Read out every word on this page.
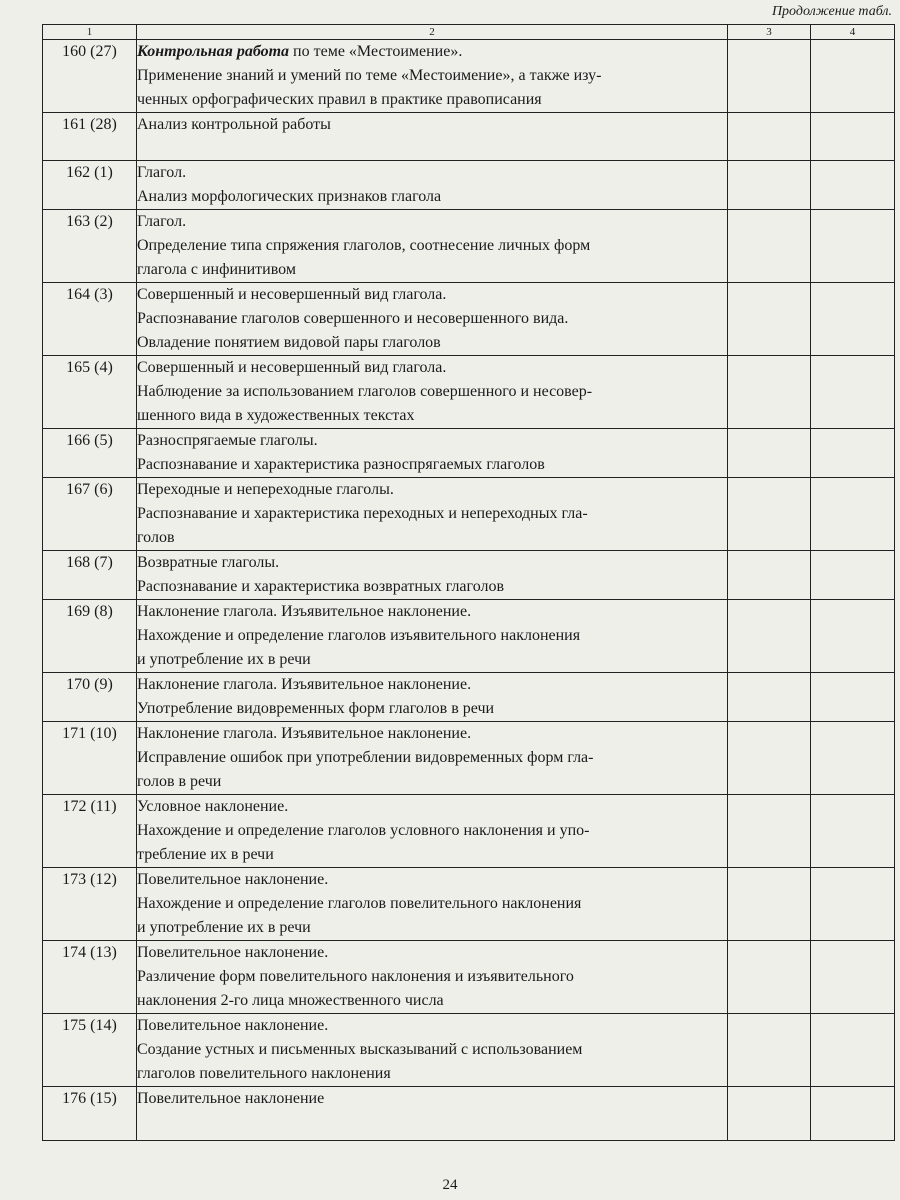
Продолжение табл.
1	2	3	4
160 (27)	Контрольная работа по теме «Местоимение».
Применение знаний и умений по теме «Местоимение», а также изу-
ченных орфографических правил в практике правописания		

161 (28)	Анализ контрольной работы		

162 (1)	Глагол.
Анализ морфологических признаков глагола		

163 (2)	Глагол.
Определение типа спряжения глаголов, соотнесение личных форм
глагола с инфинитивом		

164 (3)	Совершенный и несовершенный вид глагола.
Распознавание глаголов совершенного и несовершенного вида.
Овладение понятием видовой пары глаголов		

165 (4)	Совершенный и несовершенный вид глагола.
Наблюдение за использованием глаголов совершенного и несовер-
шенного вида в художественных текстах		

166 (5)	Разноспрягаемые глаголы.
Распознавание и характеристика разноспрягаемых глаголов		

167 (6)	Переходные и непереходные глаголы.
Распознавание и характеристика переходных и непереходных гла-
голов		

168 (7)	Возвратные глаголы.
Распознавание и характеристика возвратных глаголов		

169 (8)	Наклонение глагола. Изъявительное наклонение.
Нахождение и определение глаголов изъявительного наклонения
и употребление их в речи		

170 (9)	Наклонение глагола. Изъявительное наклонение.
Употребление видовременных форм глаголов в речи		

171 (10)	Наклонение глагола. Изъявительное наклонение.
Исправление ошибок при употреблении видовременных форм гла-
голов в речи		

172 (11)	Условное наклонение.
Нахождение и определение глаголов условного наклонения и упо-
требление их в речи		

173 (12)	Повелительное наклонение.
Нахождение и определение глаголов повелительного наклонения
и употребление их в речи		

174 (13)	Повелительное наклонение.
Различение форм повелительного наклонения и изъявительного
наклонения 2-го лица множественного числа		

175 (14)	Повелительное наклонение.
Создание устных и письменных высказываний с использованием
глаголов повелительного наклонения		

176 (15)	Повелительное наклонение		

24
